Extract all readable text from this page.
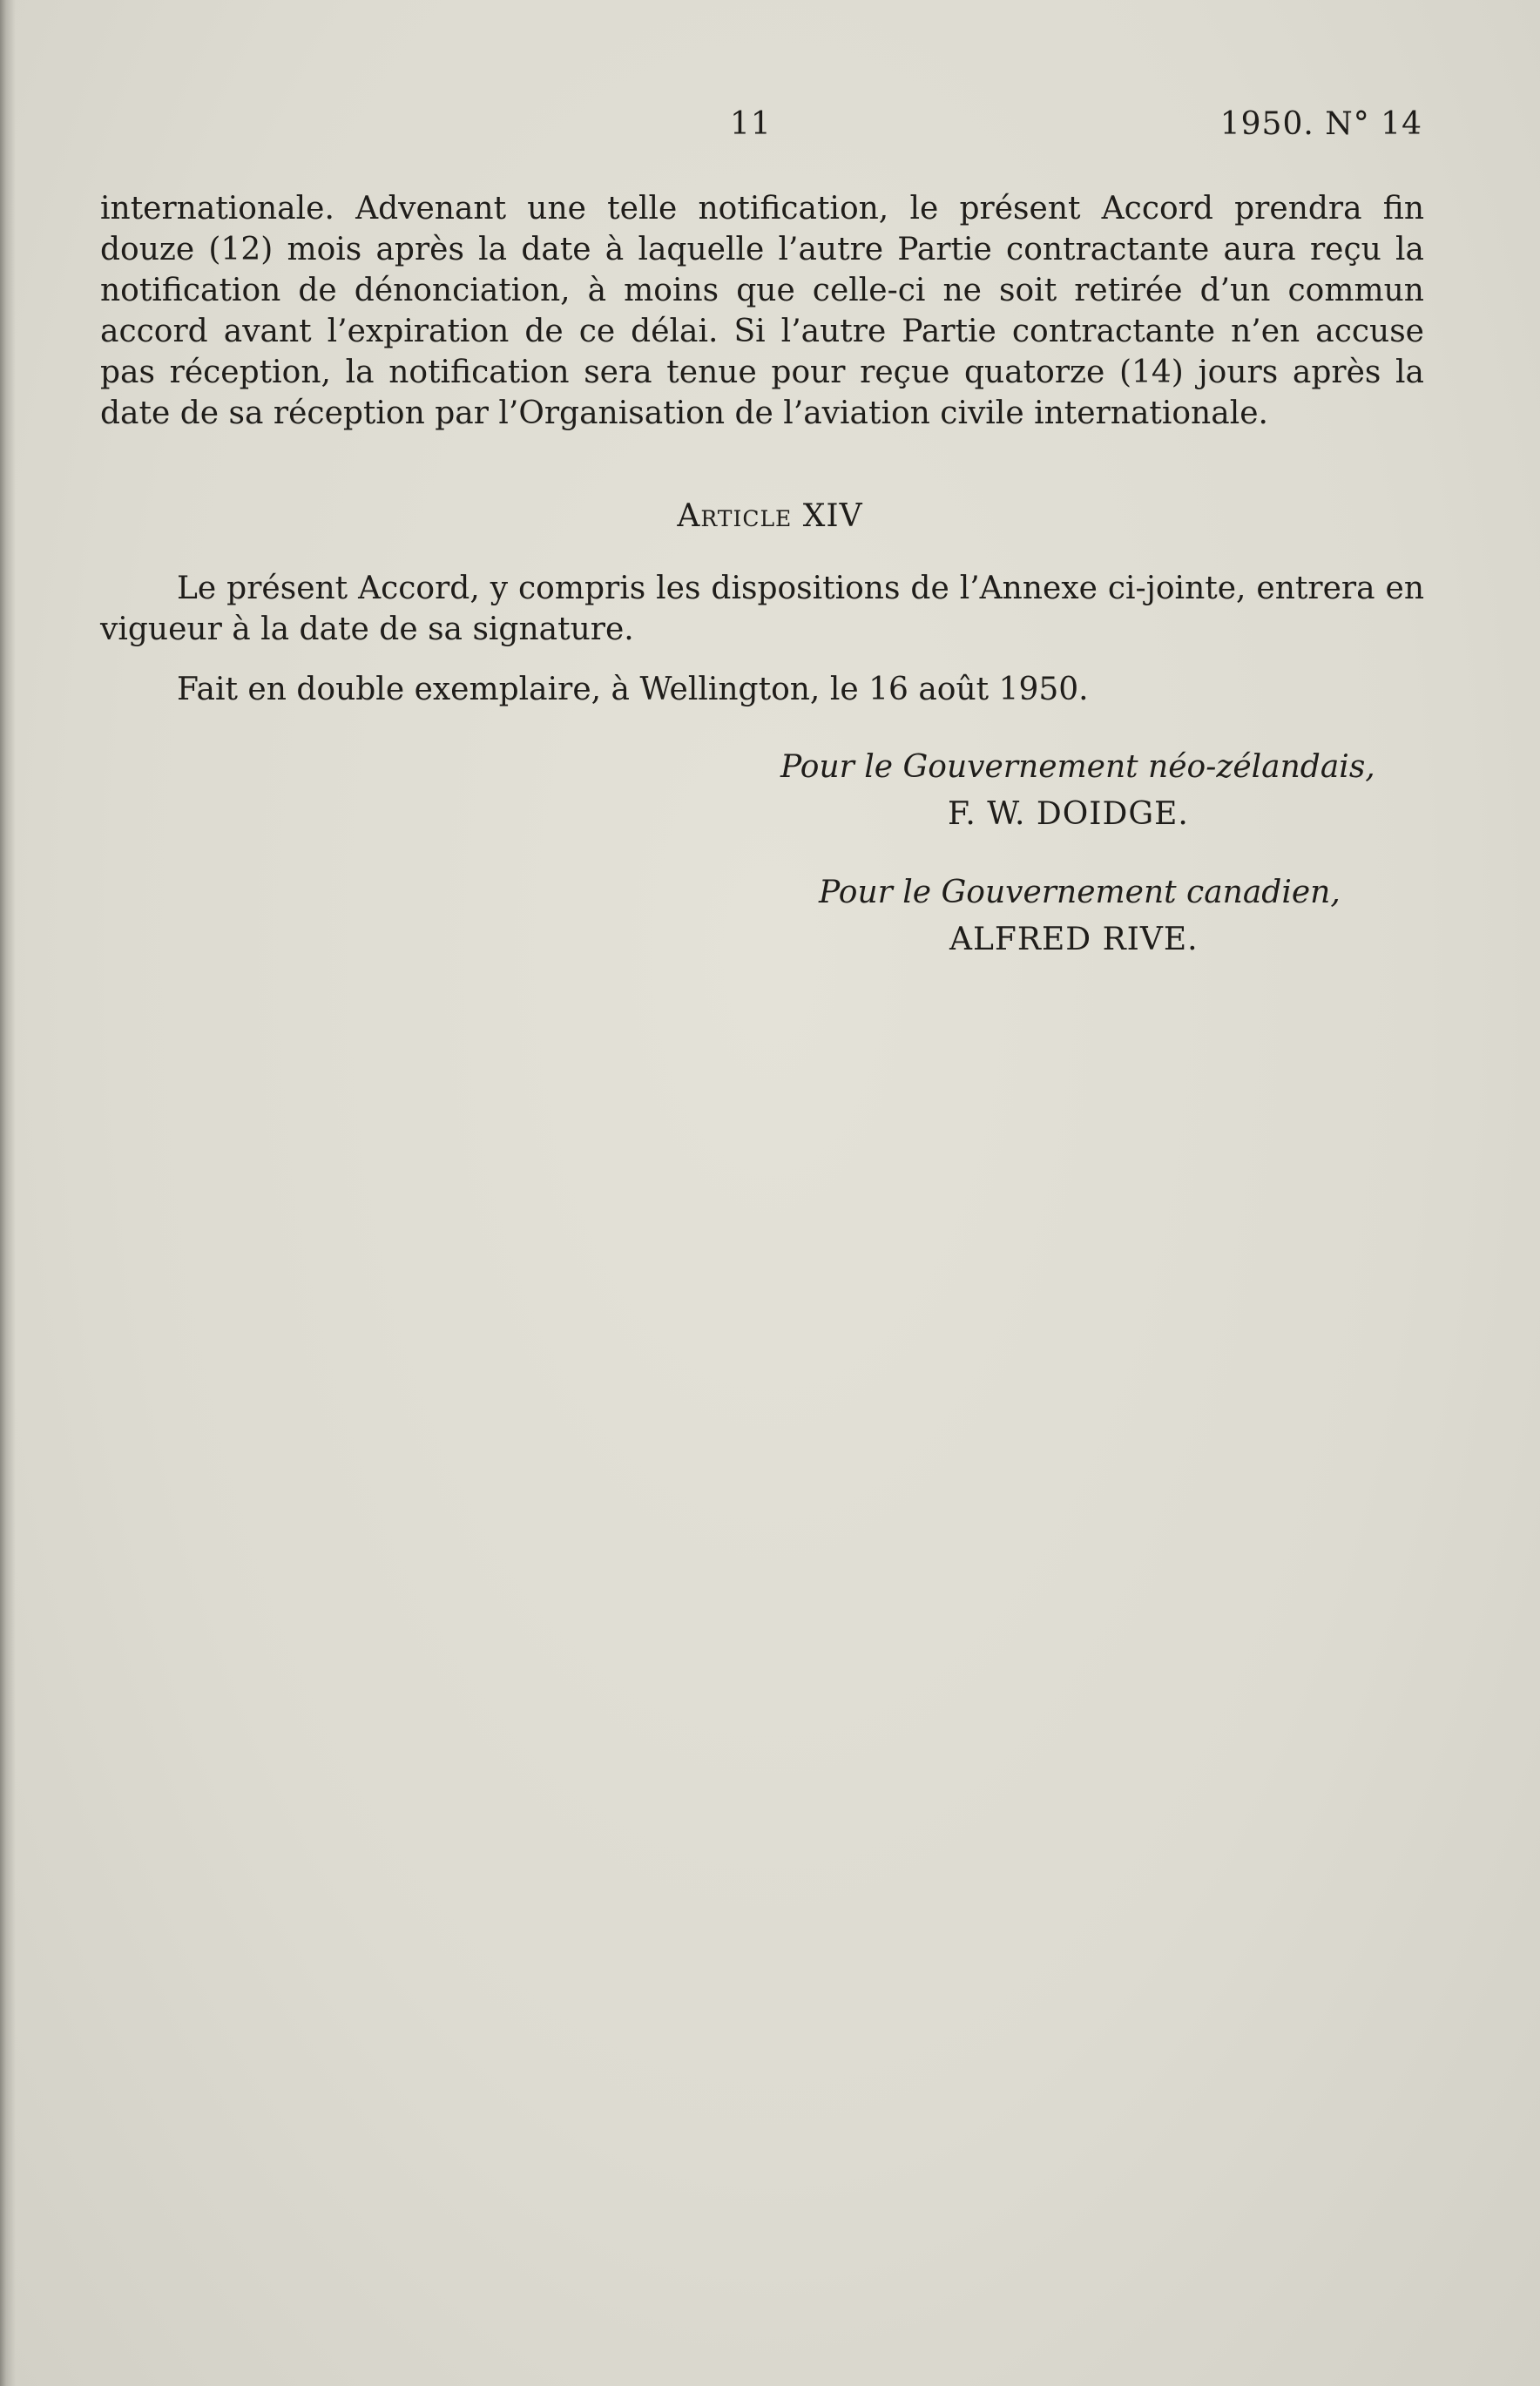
11	1950. N° 14
internationale. Advenant une telle notification, le présent Accord prendra fin douze (12) mois après la date à laquelle l’autre Partie contractante aura reçu la notification de dénonciation, à moins que celle-ci ne soit retirée d’un commun accord avant l’expiration de ce délai. Si l’autre Partie contractante n’en accuse pas réception, la notification sera tenue pour reçue quatorze (14) jours après la date de sa réception par l’Organisation de l’aviation civile internationale.
Article XIV
Le présent Accord, y compris les dispositions de l’Annexe ci-jointe, entrera en vigueur à la date de sa signature.
Fait en double exemplaire, à Wellington, le 16 août 1950.
Pour le Gouvernement néo-zélandais,
F. W. DOIDGE.
Pour le Gouvernement canadien,
ALFRED RIVE.
